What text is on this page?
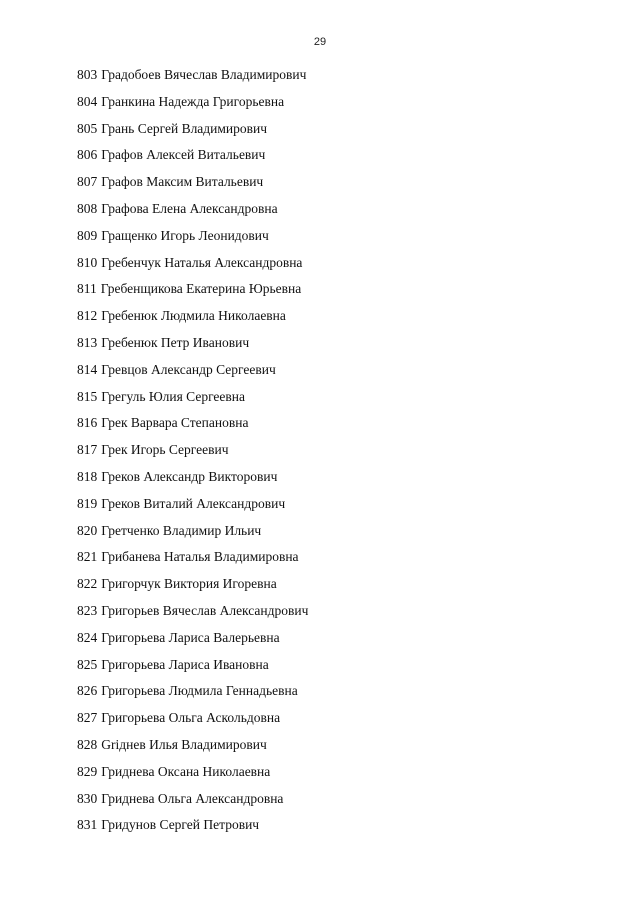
29
803 Градобоев Вячеслав Владимирович
804 Гранкина Надежда Григорьевна
805 Грань Сергей Владимирович
806 Графов Алексей Витальевич
807 Графов Максим Витальевич
808 Графова Елена Александровна
809 Гращенко Игорь Леонидович
810 Гребенчук Наталья Александровна
811 Гребенщикова Екатерина Юрьевна
812 Гребенюк Людмила Николаевна
813 Гребенюк Петр Иванович
814 Гревцов Александр Сергеевич
815 Грегуль Юлия Сергеевна
816 Грек Варвара Степановна
817 Грек Игорь Сергеевич
818 Греков Александр Викторович
819 Греков Виталий Александрович
820 Гретченко Владимир Ильич
821 Грибанева Наталья Владимировна
822 Григорчук Виктория Игоревна
823 Григорьев Вячеслав Александрович
824 Григорьева Лариса Валерьевна
825 Григорьева Лариса Ивановна
826 Григорьева Людмила Геннадьевна
827 Григорьева Ольга Аскольдовна
828 Griднев Илья Владимирович
829 Гриднева Оксана Николаевна
830 Гриднева Ольга Александровна
831 Гридунов Сергей Петрович
